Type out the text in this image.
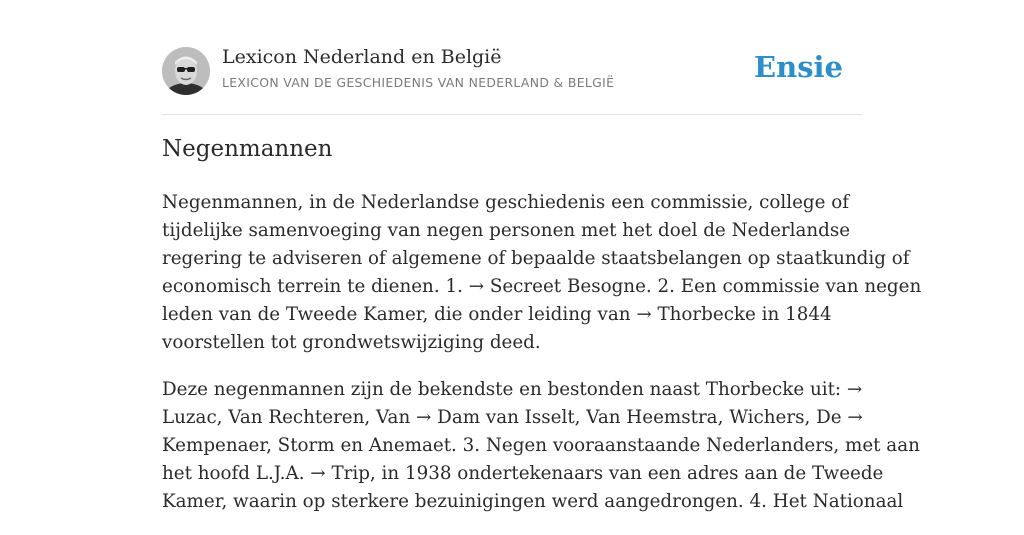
Lexicon Nederland en België
LEXICON VAN DE GESCHIEDENIS VAN NEDERLAND & BELGIË	Ensie
Negenmannen

Negenmannen, in de Nederlandse geschiedenis een commissie, college of
tijdelijke samenvoeging van negen personen met het doel de Nederlandse
regering te adviseren of algemene of bepaalde staatsbelangen op staatkundig of
economisch terrein te dienen. 1. → Secreet Besogne. 2. Een commissie van negen
leden van de Tweede Kamer, die onder leiding van → Thorbecke in 1844
voorstellen tot grondwetswijziging deed.

Deze negenmannen zijn de bekendste en bestonden naast Thorbecke uit: →
Luzac, Van Rechteren, Van → Dam van Isselt, Van Heemstra, Wichers, De →
Kempenaer, Storm en Anemaet. 3. Negen vooraanstaande Nederlanders, met aan
het hoofd L.J.A. → Trip, in 1938 ondertekenaars van een adres aan de Tweede
Kamer, waarin op sterkere bezuinigingen werd aangedrongen. 4. Het Nationaal
